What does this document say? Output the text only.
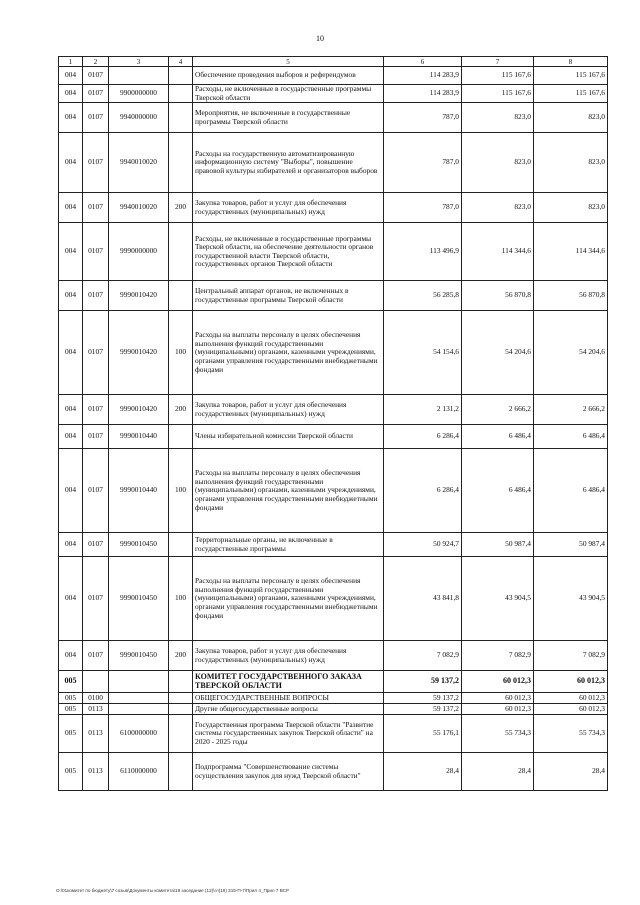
10
1	2	3	4	5	6	7	8
004	0107			Обеспечение проведения выборов и референдумов	114 283,9	115 167,6	115 167,6
004	0107	9900000000		Расходы, не включенные в государственные программы Тверской области	114 283,9	115 167,6	115 167,6
004	0107	9940000000		Мероприятия, не включенные в государственные программы Тверской области	787,0	823,0	823,0
004	0107	9940010020		Расходы на государственную автоматизированную информационную систему "Выборы", повышение правовой культуры избирателей и организаторов выборов	787,0	823,0	823,0
004	0107	9940010020	200	Закупка товаров, работ и услуг для обеспечения государственных (муниципальных) нужд	787,0	823,0	823,0
004	0107	9990000000		Расходы, не включенные в государственные программы Тверской области, на обеспечение деятельности органов государственной власти Тверской области, государственных органов Тверской области	113 496,9	114 344,6	114 344,6
004	0107	9990010420		Центральный аппарат органов, не включенных в государственные программы Тверской области	56 285,8	56 870,8	56 870,8
004	0107	9990010420	100	Расходы на выплаты персоналу в целях обеспечения выполнения функций государственными (муниципальными) органами, казенными учреждениями, органами управления государственными внебюджетными фондами	54 154,6	54 204,6	54 204,6
004	0107	9990010420	200	Закупка товаров, работ и услуг для обеспечения государственных (муниципальных) нужд	2 131,2	2 666,2	2 666,2
004	0107	9990010440		Члены избирательной комиссии Тверской области	6 286,4	6 486,4	6 486,4
004	0107	9990010440	100	Расходы на выплаты персоналу в целях обеспечения выполнения функций государственными (муниципальными) органами, казенными учреждениями, органами управления государственными внебюджетными фондами	6 286,4	6 486,4	6 486,4
004	0107	9990010450		Территориальные органы, не включенные в государственные программы	50 924,7	50 987,4	50 987,4
004	0107	9990010450	100	Расходы на выплаты персоналу в целях обеспечения выполнения функций государственными (муниципальными) органами, казенными учреждениями, органами управления государственными внебюджетными фондами	43 841,8	43 904,5	43 904,5
004	0107	9990010450	200	Закупка товаров, работ и услуг для обеспечения государственных (муниципальных) нужд	7 082,9	7 082,9	7 082,9
005				КОМИТЕТ ГОСУДАРСТВЕННОГО ЗАКАЗА ТВЕРСКОЙ ОБЛАСТИ	59 137,2	60 012,3	60 012,3
005	0100			ОБЩЕГОСУДАРСТВЕННЫЕ ВОПРОСЫ	59 137,2	60 012,3	60 012,3
005	0113			Другие общегосударственные вопросы	59 137,2	60 012,3	60 012,3
005	0113	6100000000		Государственная программа Тверской области "Развитие системы государственных закупок Тверской области" на 2020 - 2025 годы	55 176,1	55 734,3	55 734,3
005	0113	6110000000		Подпрограмма "Совершенствование системы осуществления закупок для нужд Тверской области"	28,4	28,4	28,4
О:\01комитет по бюджету\7 созыв\Документы комитета\19 заседание (12)\гл(19) 315-П-7\Прил 4_Прил 7 ВСР
